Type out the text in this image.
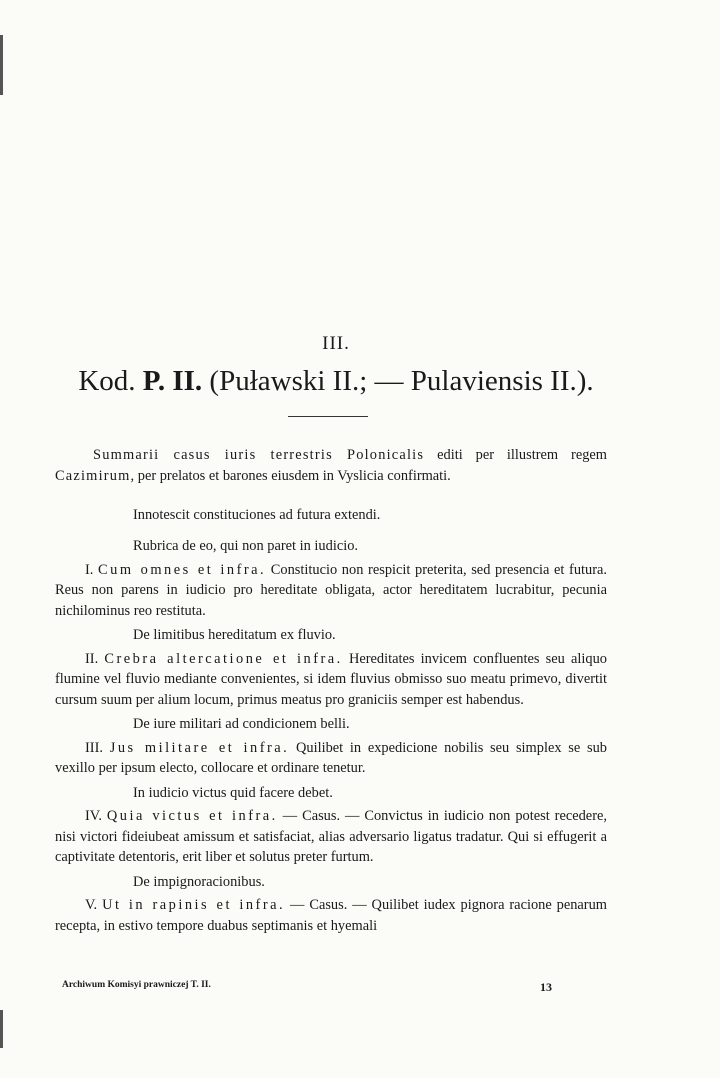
III.
Kod. P. II. (Puławski II.; — Pulaviensis II.).

Summarii casus iuris terrestris Polonicalis editi per illustrem regem Cazimirum, per prelatos et barones eiusdem in Vyslicia confirmati.

Innotescit constituciones ad futura extendi.

Rubrica de eo, qui non paret in iudicio.

I. Cum omnes et infra. Constitucio non respicit preterita, sed presencia et futura. Reus non parens in iudicio pro hereditate obligata, actor hereditatem lucrabitur, pecunia nichilominus reo restituta.

De limitibus hereditatum ex fluvio.

II. Crebra altercatione et infra. Hereditates invicem confluentes seu aliquo flumine vel fluvio mediante convenientes, si idem fluvius obmisso suo meatu primevo, divertit cursum suum per alium locum, primus meatus pro graniciis semper est habendus.

De iure militari ad condicionem belli.

III. Jus militare et infra. Quilibet in expedicione nobilis seu simplex se sub vexillo per ipsum electo, collocare et ordinare tenetur.

In iudicio victus quid facere debet.

IV. Quia victus et infra. — Casus. — Convictus in iudicio non potest recedere, nisi victori fideiubeat amissum et satisfaciat, alias adversario ligatus tradatur. Qui si effugerit a captivitate detentoris, erit liber et solutus preter furtum.

De impignoracionibus.

V. Ut in rapinis et infra. — Casus. — Quilibet iudex pignora racione penarum recepta, in estivo tempore duabus septimanis et hyemali

Archiwum Komisyi prawniczej T. II.	13
